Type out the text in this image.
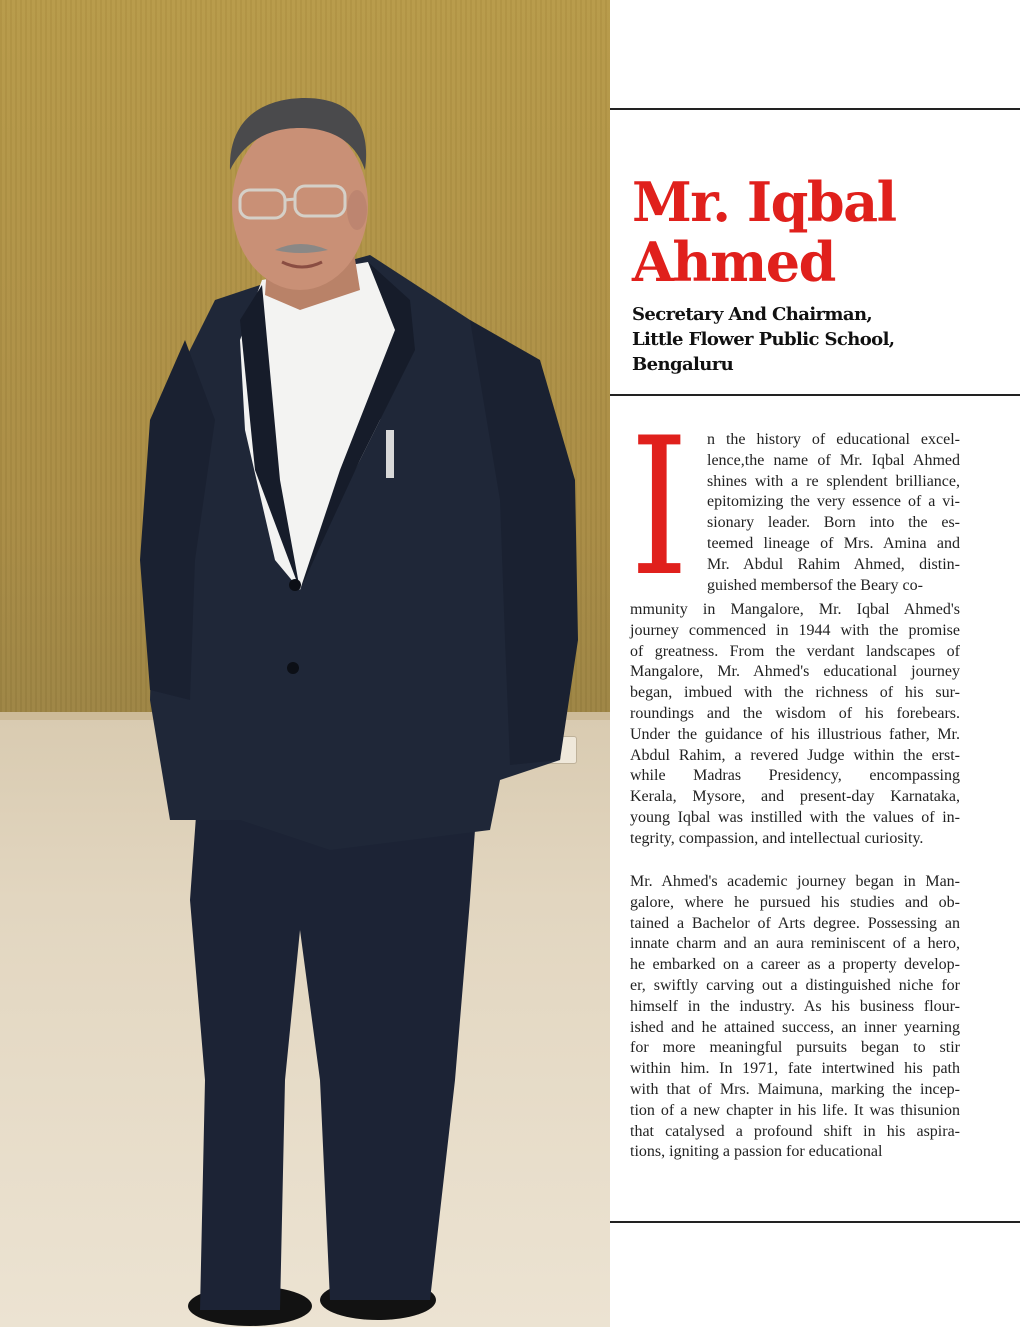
Mr. Iqbal
Ahmed
Secretary And Chairman,
Little Flower Public School,
Bengaluru
I n the history of educational excel-
lence,the name of Mr. Iqbal Ahmed
shines with a re splendent brilliance,
epitomizing the very essence of a vi-
sionary leader. Born into the es-
teemed lineage of Mrs. Amina and
Mr. Abdul Rahim Ahmed, distin-
guished membersof the Beary co-
mmunity in Mangalore, Mr. Iqbal Ahmed's
journey commenced in 1944 with the promise
of greatness. From the verdant landscapes of
Mangalore, Mr. Ahmed's educational journey
began, imbued with the richness of his sur-
roundings and the wisdom of his forebears.
Under the guidance of his illustrious father, Mr.
Abdul Rahim, a revered Judge within the erst-
while Madras Presidency, encompassing
Kerala, Mysore, and present-day Karnataka,
young Iqbal was instilled with the values of in-
tegrity, compassion, and intellectual curiosity.
Mr. Ahmed's academic journey began in Man-
galore, where he pursued his studies and ob-
tained a Bachelor of Arts degree. Possessing an
innate charm and an aura reminiscent of a hero,
he embarked on a career as a property develop-
er, swiftly carving out a distinguished niche for
himself in the industry. As his business flour-
ished and he attained success, an inner yearning
for more meaningful pursuits began to stir
within him. In 1971, fate intertwined his path
with that of Mrs. Maimuna, marking the incep-
tion of a new chapter in his life. It was thisunion
that catalysed a profound shift in his aspira-
tions, igniting a passion for educational
